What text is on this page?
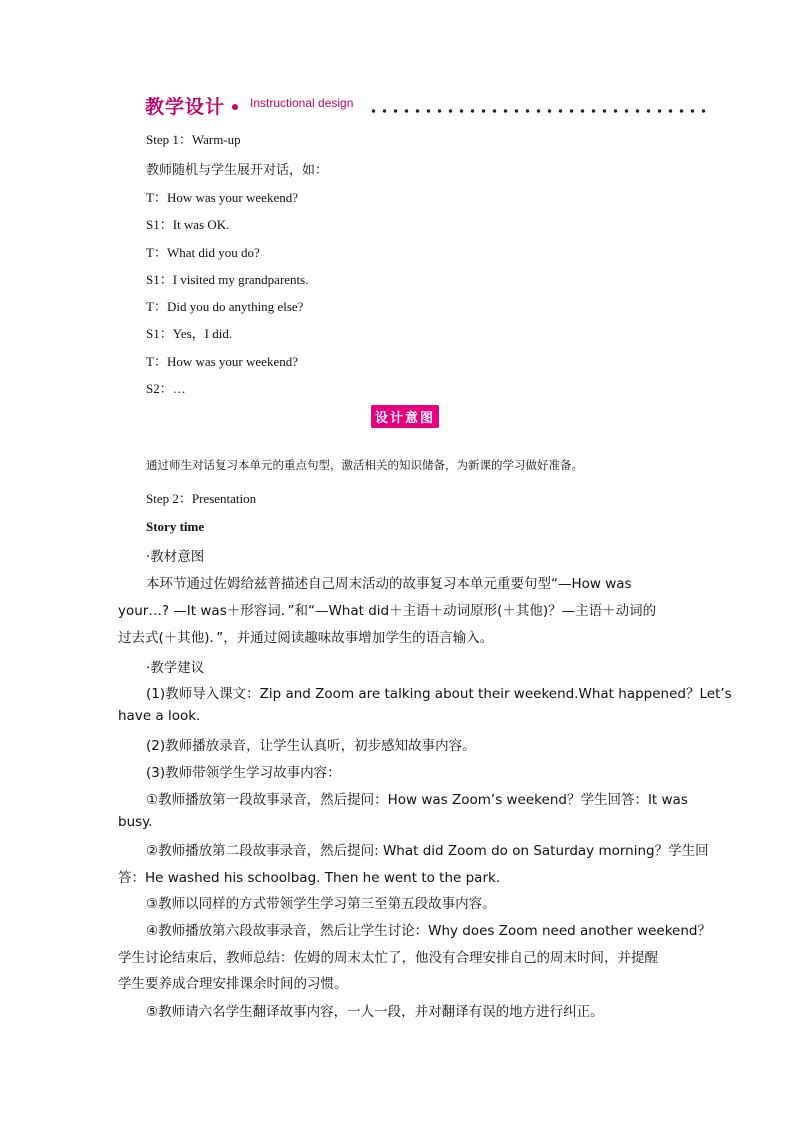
教学设计 Instructional design
Step 1：Warm-up
教师随机与学生展开对话，如：
T：How was your weekend?
S1：It was OK.
T：What did you do?
S1：I visited my grandparents.
T：Did you do anything else?
S1：Yes，I did.
T：How was your weekend?
S2：…
设计意图
通过师生对话复习本单元的重点句型，激活相关的知识储备，为新课的学习做好准备。
Step 2：Presentation
Story time
·教材意图
本环节通过佐姆给兹普描述自己周末活动的故事复习本单元重要句型“—How was
your…? —It was＋形容词．”和“—What did＋主语＋动词原形(＋其他)？—主语＋动词的
过去式(＋其他)．”，并通过阅读趣味故事增加学生的语言输入。
·教学建议
(1)教师导入课文：Zip and Zoom are talking about their weekend.What happened？Let’s
have a look.
(2)教师播放录音，让学生认真听，初步感知故事内容。
(3)教师带领学生学习故事内容：
①教师播放第一段故事录音，然后提问：How was Zoom’s weekend？学生回答：It was
busy.
②教师播放第二段故事录音，然后提问: What did Zoom do on Saturday morning？学生回
答：He washed his schoolbag. Then he went to the park.
③教师以同样的方式带领学生学习第三至第五段故事内容。
④教师播放第六段故事录音，然后让学生讨论：Why does Zoom need another weekend？
学生讨论结束后，教师总结：佐姆的周末太忙了，他没有合理安排自己的周末时间，并提醒
学生要养成合理安排课余时间的习惯。
⑤教师请六名学生翻译故事内容，一人一段，并对翻译有误的地方进行纠正。
